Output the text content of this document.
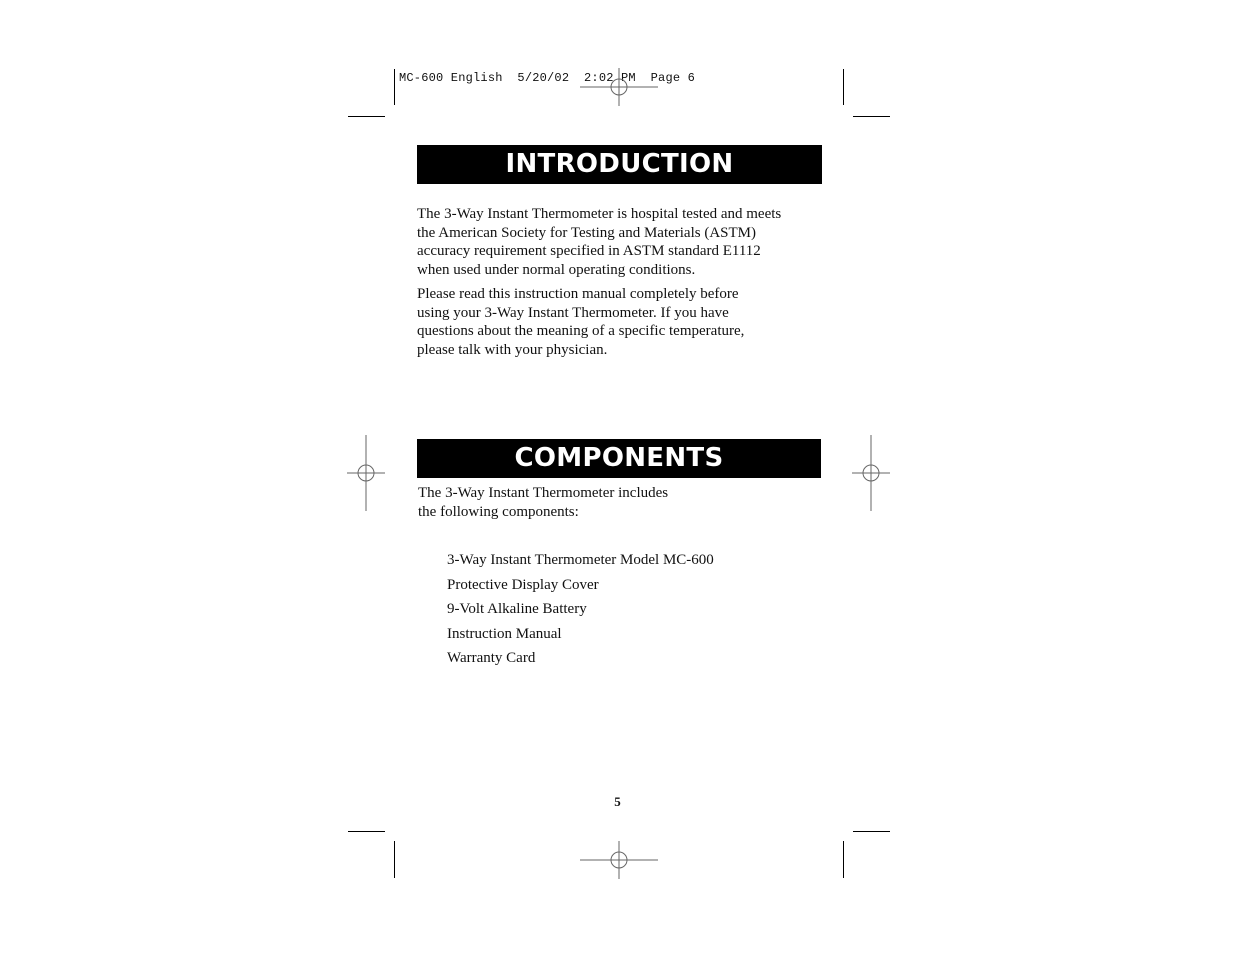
MC-600 English  5/20/02  2:02 PM  Page 6
INTRODUCTION

The 3-Way Instant Thermometer is hospital tested and meets
the American Society for Testing and Materials (ASTM)
accuracy requirement specified in ASTM standard E1112
when used under normal operating conditions.

Please read this instruction manual completely before
using your 3-Way Instant Thermometer. If you have
questions about the meaning of a specific temperature,
please talk with your physician.

COMPONENTS

The 3-Way Instant Thermometer includes
the following components:

3-Way Instant Thermometer Model MC-600
Protective Display Cover
9-Volt Alkaline Battery
Instruction Manual
Warranty Card
5
